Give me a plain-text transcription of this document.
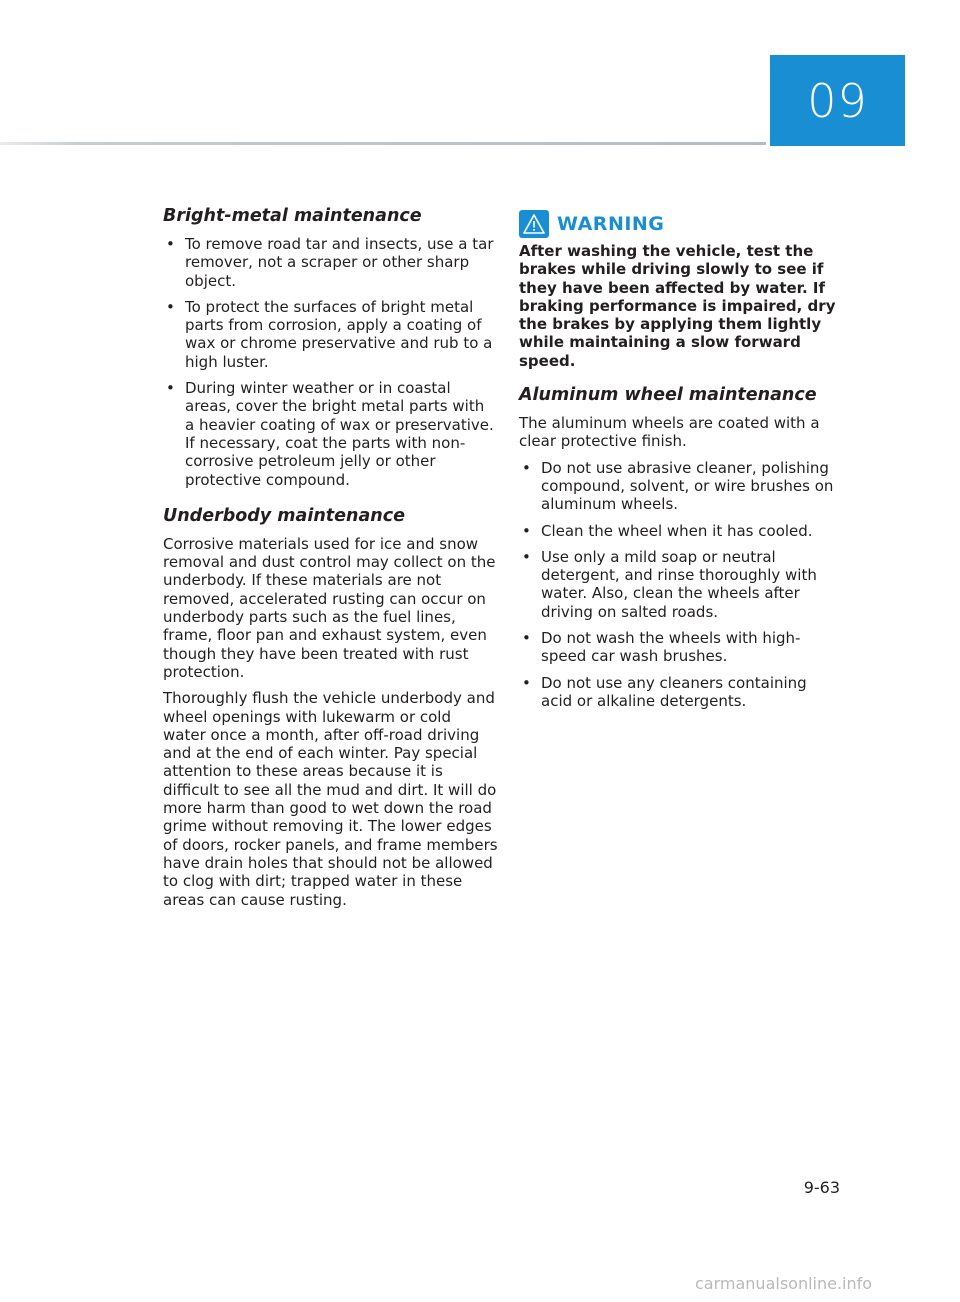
09
Bright-metal maintenance
• To remove road tar and insects, use a tar remover, not a scraper or other sharp object.
• To protect the surfaces of bright metal parts from corrosion, apply a coating of wax or chrome preservative and rub to a high luster.
• During winter weather or in coastal areas, cover the bright metal parts with a heavier coating of wax or preservative. If necessary, coat the parts with non-corrosive petroleum jelly or other protective compound.
Underbody maintenance

Corrosive materials used for ice and snow removal and dust control may collect on the underbody. If these materials are not removed, accelerated rusting can occur on underbody parts such as the fuel lines, frame, floor pan and exhaust system, even though they have been treated with rust protection.

Thoroughly flush the vehicle underbody and wheel openings with lukewarm or cold water once a month, after off-road driving and at the end of each winter. Pay special attention to these areas because it is difficult to see all the mud and dirt. It will do more harm than good to wet down the road grime without removing it. The lower edges of doors, rocker panels, and frame members have drain holes that should not be allowed to clog with dirt; trapped water in these areas can cause rusting.

WARNING
After washing the vehicle, test the brakes while driving slowly to see if they have been affected by water. If braking performance is impaired, dry the brakes by applying them lightly while maintaining a slow forward speed.
Aluminum wheel maintenance

The aluminum wheels are coated with a clear protective finish.

• Do not use abrasive cleaner, polishing compound, solvent, or wire brushes on aluminum wheels.
• Clean the wheel when it has cooled.
• Use only a mild soap or neutral detergent, and rinse thoroughly with water. Also, clean the wheels after driving on salted roads.
• Do not wash the wheels with high-speed car wash brushes.
• Do not use any cleaners containing acid or alkaline detergents.
9-63
carmanualsonline.info
